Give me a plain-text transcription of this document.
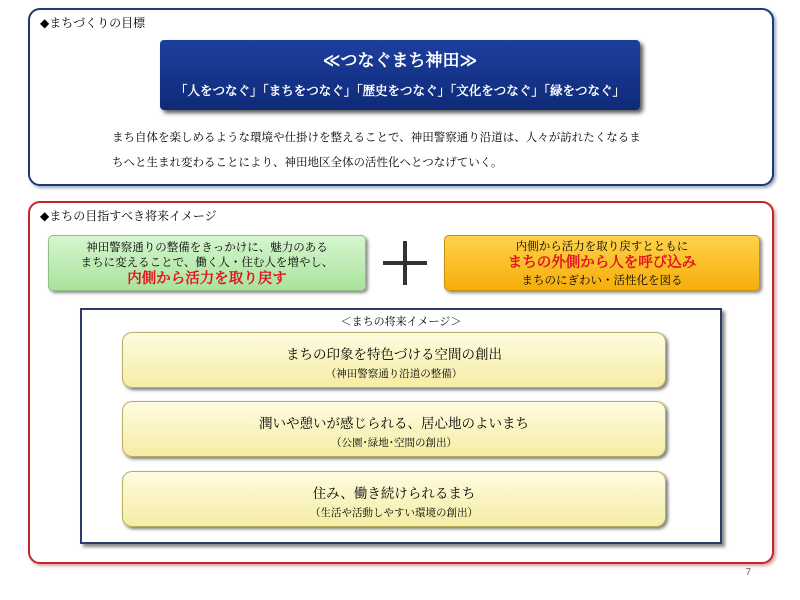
◆まちづくりの目標
≪つなぐまち神田≫
「人をつなぐ」「まちをつなぐ」「歴史をつなぐ」「文化をつなぐ」「緑をつなぐ」
まち自体を楽しめるような環境や仕掛けを整えることで、神田警察通り沿道は、人々が訪れたくなるま
ちへと生まれ変わることにより、神田地区全体の活性化へとつなげていく。
◆まちの目指すべき将来イメージ
神田警察通りの整備をきっかけに、魅力のある
まちに変えることで、働く人・住む人を増やし、
内側から活力を取り戻す
内側から活力を取り戻すとともに
まちの外側から人を呼び込み
まちのにぎわい・活性化を図る
＜まちの将来イメージ＞
まちの印象を特色づける空間の創出
（神田警察通り沿道の整備）
潤いや憩いが感じられる、居心地のよいまち
（公園･緑地･空間の創出）
住み、働き続けられるまち
（生活や活動しやすい環境の創出）
7
